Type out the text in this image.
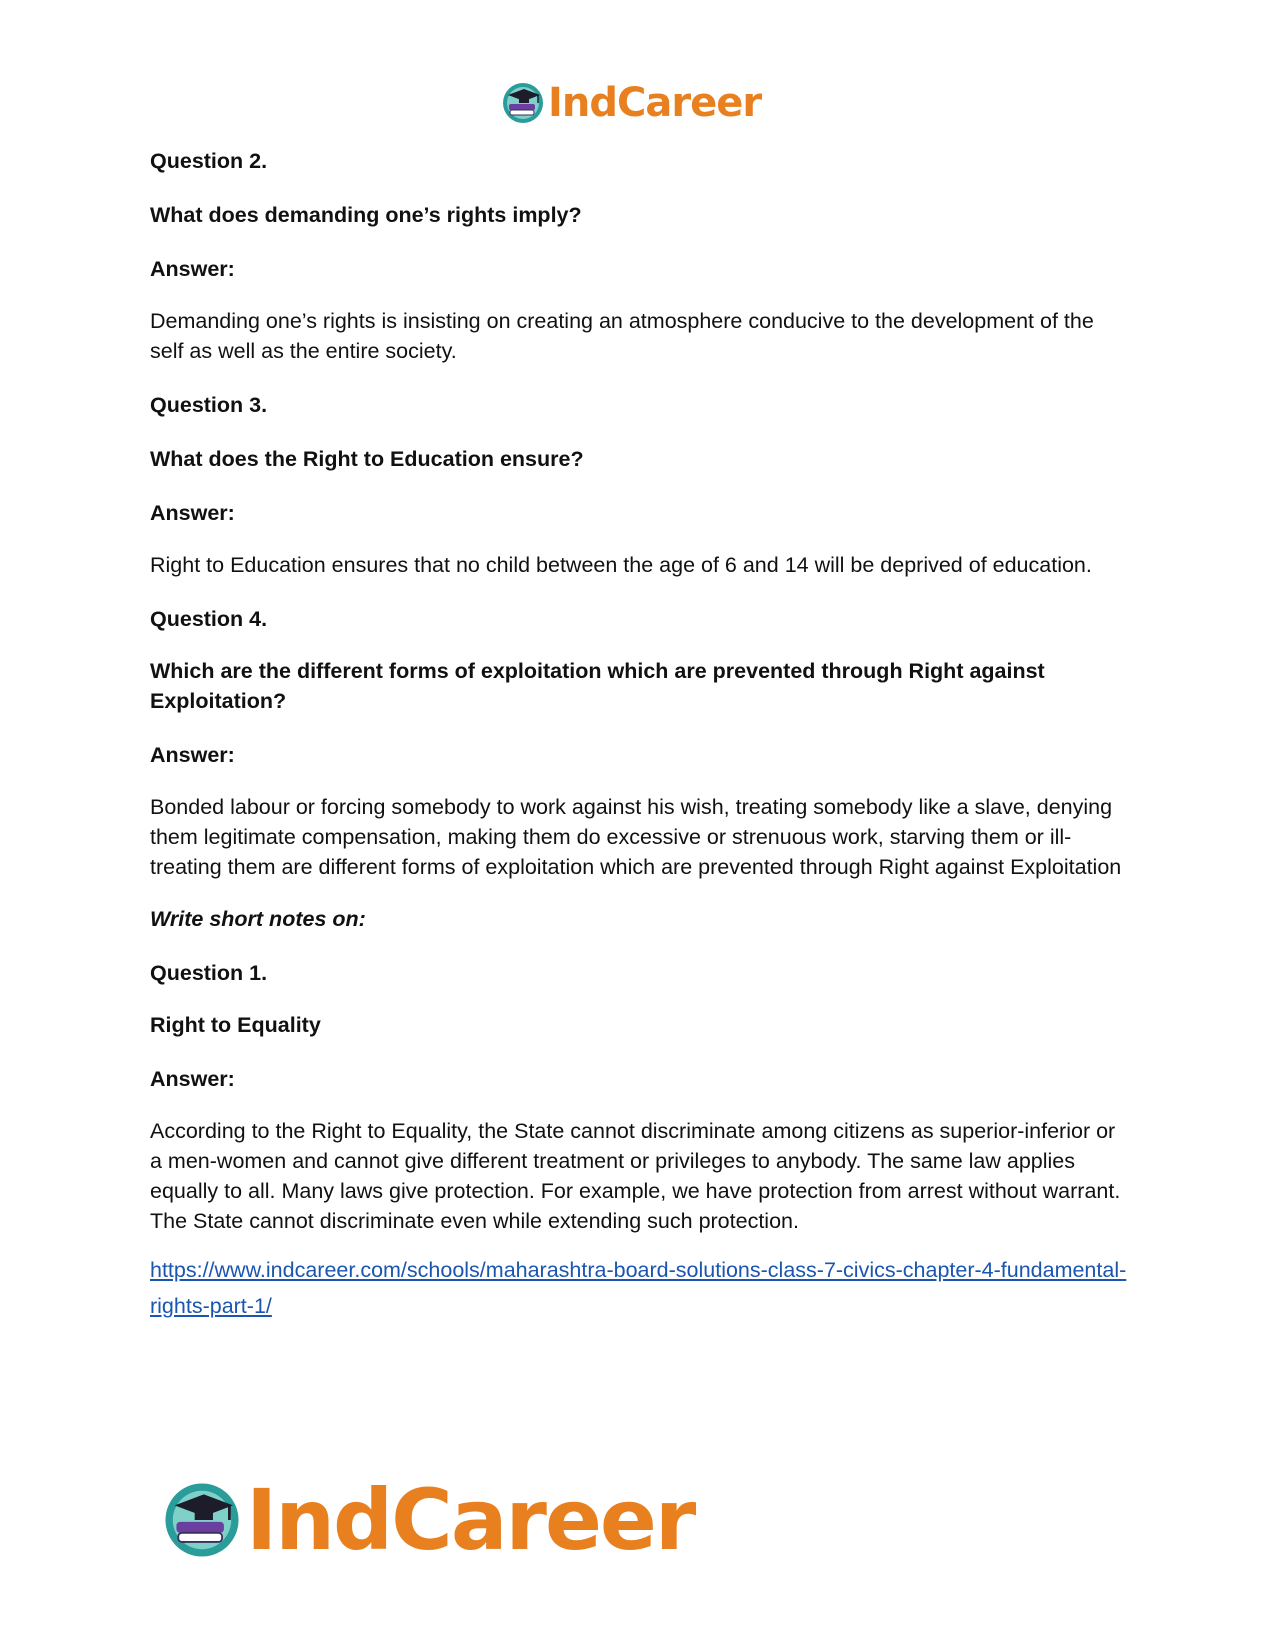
IndCareer

Question 2.

What does demanding one’s rights imply?

Answer:

Demanding one’s rights is insisting on creating an atmosphere conducive to the development of the self as well as the entire society.

Question 3.

What does the Right to Education ensure?

Answer:

Right to Education ensures that no child between the age of 6 and 14 will be deprived of education.

Question 4.

Which are the different forms of exploitation which are prevented through Right against Exploitation?

Answer:

Bonded labour or forcing somebody to work against his wish, treating somebody like a slave, denying them legitimate compensation, making them do excessive or strenuous work, starving them or ill-treating them are different forms of exploitation which are prevented through Right against Exploitation

Write short notes on:

Question 1.

Right to Equality

Answer:

According to the Right to Equality, the State cannot discriminate among citizens as superior-inferior or a men-women and cannot give different treatment or privileges to anybody. The same law applies equally to all. Many laws give protection. For example, we have protection from arrest without warrant. The State cannot discriminate even while extending such protection.

https://www.indcareer.com/schools/maharashtra-board-solutions-class-7-civics-chapter-4-fundamental-rights-part-1/
IndCareer
